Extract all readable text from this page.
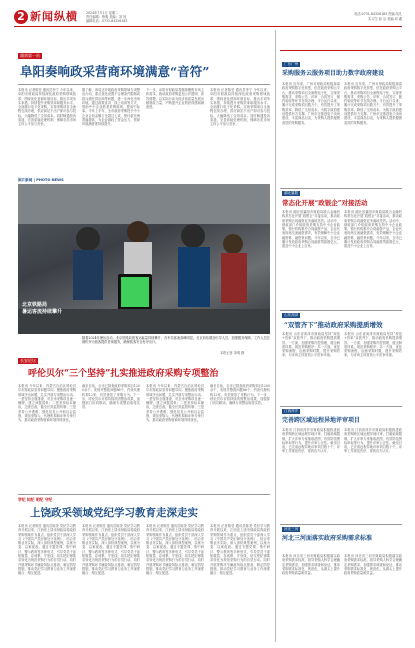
2 新闻纵横	2024年7月1日 星期二
责任编辑：鲁明 美编：刘 视
编辑电话：0731-84326183
电话:0731-84326183 责编:吴凡
实习生 彭 洁 美编:邓 湖
湖南第一站
阜阳奏响政采营商环境满意“音符”
本报讯 记者陈莹 通讯员李宁 今年以来，阜阳市财政局持续深化政府采购领域改革，围绕优化营商环境目标，推出多项务实举措，持续提升采购效率和服务水平。全面推行电子化采购，实现采购项目全流程在线办理，供应商足不出户即可参与投标，大幅降低了交易成本。同时畅通投诉渠道，完善质疑处理机制，保障各类市场主体公平参与竞争。
据了解，该局还开展政府采购领域专项整治行动，重点查处设置不合理条件限制或排斥潜在供应商等问题，进一步净化市场环境。通过政策宣讲、线上培训等方式，帮助中小企业熟悉采购规则，提高中标率。今年上半年，全市政府采购授予中小企业合同金额占比超过七成，预付款比例普遍提高，为企业减轻了资金压力，营商环境满意度持续提升。
下一步，阜阳市财政局将继续聚焦市场主体需求，推动政府采购更加公开透明、高效便捷，以实际行动为经济高质量发展贡献财政力量，不断提升企业的获得感和满意度。
本报讯 记者陈莹 通讯员李宁 今年以来，阜阳市财政局持续深化政府采购领域改革，围绕优化营商环境目标，推出多项务实举措，持续提升采购效率和服务水平。全面推行电子化采购，实现采购项目全流程在线办理，供应商足不出户即可参与投标，大幅降低了交易成本。同时畅通投诉渠道，完善质疑处理机制，保障各类市场主体公平参与竞争。
图片新闻 | PHOTO NEWS
北京铁路局
暑运客流持续攀升
随着2024年暑运启动，北京铁路局旅客运输量持续攀升，各车站客流高峰明显。北京西站增加引导人员，加强服务保障，工作人员在闸机旁为旅客提供咨询服务，确保旅客安全有序出行。
本报记者 刘明 摄
长安论坛
呼伦贝尔“三个坚持”扎实推进政府采购专项整治
本报讯 今年以来，内蒙古自治区呼伦贝尔市财政局坚持问题导向，聚焦政府采购领域突出问题，扎实开展专项整治行动。一是坚持全面排查，对全市采购项目逐一梳理，建立问题清单；二是坚持标本兼治，边查边改，健全长效监管机制；三是坚持公开透明，强化信息公开和社会监督，规范采购人、代理机构和评审专家行为，推动政府采购营商环境持续优化。
截至目前，全市已排查政府采购项目1200余个，发现并整改问题86个，约谈代理机构12家，有效规范了采购行为。下一步，呼伦贝尔市将持续巩固整治成果，加强部门协同联动，确保专项整治取得实效。
本报讯 今年以来，内蒙古自治区呼伦贝尔市财政局坚持问题导向，聚焦政府采购领域突出问题，扎实开展专项整治行动。一是坚持全面排查，对全市采购项目逐一梳理，建立问题清单；二是坚持标本兼治，边查边改，健全长效监管机制；三是坚持公开透明，强化信息公开和社会监督，规范采购人、代理机构和评审专家行为，推动政府采购营商环境持续优化。
截至目前，全市已排查政府采购项目1200余个，发现并整改问题86个，约谈代理机构12家，有效规范了采购行为。下一步，呼伦贝尔市将持续巩固整治成果，加强部门协同联动，确保专项整治取得实效。
学纪 知纪 明纪 守纪
上饶政采领域党纪学习教育走深走实
本报讯 记者陈莹 通讯员陈美 党纪学习教育开展以来，江西省上饶市财政局将政府采购领域作为重点，组织党员干部深入学习《中国共产党纪律处分条例》，结合采购业务实际，深入剖析典型案例，以案为鉴、以案促改。通过专题党课、集中研讨、警示教育等多种形式，引导党员干部知敬畏、存戒惧、守底线，切实把纪律要求转化为规范采购行为的自觉行动。同时开展采购环节廉政风险点排查，制定防控措施，推动党纪学习教育与业务工作深度融合、相互促进。
本报讯 记者陈莹 通讯员陈美 党纪学习教育开展以来，江西省上饶市财政局将政府采购领域作为重点，组织党员干部深入学习《中国共产党纪律处分条例》，结合采购业务实际，深入剖析典型案例，以案为鉴、以案促改。通过专题党课、集中研讨、警示教育等多种形式，引导党员干部知敬畏、存戒惧、守底线，切实把纪律要求转化为规范采购行为的自觉行动。同时开展采购环节廉政风险点排查，制定防控措施，推动党纪学习教育与业务工作深度融合、相互促进。
本报讯 记者陈莹 通讯员陈美 党纪学习教育开展以来，江西省上饶市财政局将政府采购领域作为重点，组织党员干部深入学习《中国共产党纪律处分条例》，结合采购业务实际，深入剖析典型案例，以案为鉴、以案促改。通过专题党课、集中研讨、警示教育等多种形式，引导党员干部知敬畏、存戒惧、守底线，切实把纪律要求转化为规范采购行为的自觉行动。同时开展采购环节廉政风险点排查，制定防控措施，推动党纪学习教育与业务工作深度融合、相互促进。
本报讯 记者陈莹 通讯员陈美 党纪学习教育开展以来，江西省上饶市财政局将政府采购领域作为重点，组织党员干部深入学习《中国共产党纪律处分条例》，结合采购业务实际，深入剖析典型案例，以案为鉴、以案促改。通过专题党课、集中研讨、警示教育等多种形式，引导党员干部知敬畏、存戒惧、守底线，切实把纪律要求转化为规范采购行为的自觉行动。同时开展采购环节廉政风险点排查，制定防控措施，推动党纪学习教育与业务工作深度融合、相互促进。
广东广州
采购服务云服务项目助力数字政府建设
本报讯 近年来，广州市财政局积极探索政府采购数字化转型，依托政府采购云平台，推动采购项目全流程电子化，实现采购需求、采购公告、评审、合同签订、履约验收等环节在线办理。平台运行以来，累计完成采购项目数万个，有效提升了采购效率，降低了交易成本，为数字政府建设提供有力支撑。广州市还推进电子卖场建设，丰富商品目录，为采购人提供便捷高效的采购服务。
本报讯 近年来，广州市财政局积极探索政府采购数字化转型，依托政府采购云平台，推动采购项目全流程电子化，实现采购需求、采购公告、评审、合同签订、履约验收等环节在线办理。平台运行以来，累计完成采购项目数万个，有效提升了采购效率，降低了交易成本，为数字政府建设提供有力支撑。广州市还推进电子卖场建设，丰富商品目录，为采购人提供便捷高效的采购服务。
湖北襄阳
常态化开展“政银企”对接活动
本报讯 湖北省襄阳市财政局联合金融机构常态化开展“政银企”对接活动，推动政府采购合同融资业务落地见效。活动中，财政部门介绍政府采购支持中小企业政策，银行机构推介合同融资产品，企业代表现场交流融资需求，有效缓解中小企业融资难、融资贵问题。今年以来，全市已累计发放政府采购合同融资贷款数亿元，惠及中小企业上百家。
本报讯 湖北省襄阳市财政局联合金融机构常态化开展“政银企”对接活动，推动政府采购合同融资业务落地见效。活动中，财政部门介绍政府采购支持中小企业政策，银行机构推介合同融资产品，企业代表现场交流融资需求，有效缓解中小企业融资难、融资贵问题。今年以来，全市已累计发放政府采购合同融资贷款数亿元，惠及中小企业上百家。
山东菏泽
“双管齐下”推动政府采购提质增效
本报讯 山东省菏泽市财政局坚持“规范+效率”双管齐下，推动政府采购提质增效。一方面，加强采购内控管理，健全制度体系，规范采购程序；另一方面，优化采购流程，压缩采购时限，提升采购效率，为市场主体营造公平竞争环境。
本报讯 山东省菏泽市财政局坚持“规范+效率”双管齐下，推动政府采购提质增效。一方面，加强采购内控管理，健全制度体系，规范采购程序；另一方面，优化采购流程，压缩采购时限，提升采购效率，为市场主体营造公平竞争环境。
江西萍乡
完善跨区域远程异地评审项目
本报讯 江西省萍乡市财政局积极推进政府采购跨区域远程异地评审，打破地域限制，扩大评审专家抽取范围，有效防范围标串标等行为，提升评审公正性。截至目前，已完成远程异地评审项目数十个，评审工作规范有序，得到各方认可。
本报讯 江西省萍乡市财政局积极推进政府采购跨区域远程异地评审，打破地域限制，扩大评审专家抽取范围，有效防范围标串标等行为，提升评审公正性。截至目前，已完成远程异地评审项目数十个，评审工作规范有序，得到各方认可。
河北三河
河北三河面落实政府采购需求标准
本报讯 河北省三河市财政局积极落实政府采购需求标准，指导采购人科学合理确定采购需求，加强需求调查和论证，推动采购需求标准化、规范化，从源头上提升政府采购质量和效益。
本报讯 河北省三河市财政局积极落实政府采购需求标准，指导采购人科学合理确定采购需求，加强需求调查和论证，推动采购需求标准化、规范化，从源头上提升政府采购质量和效益。
